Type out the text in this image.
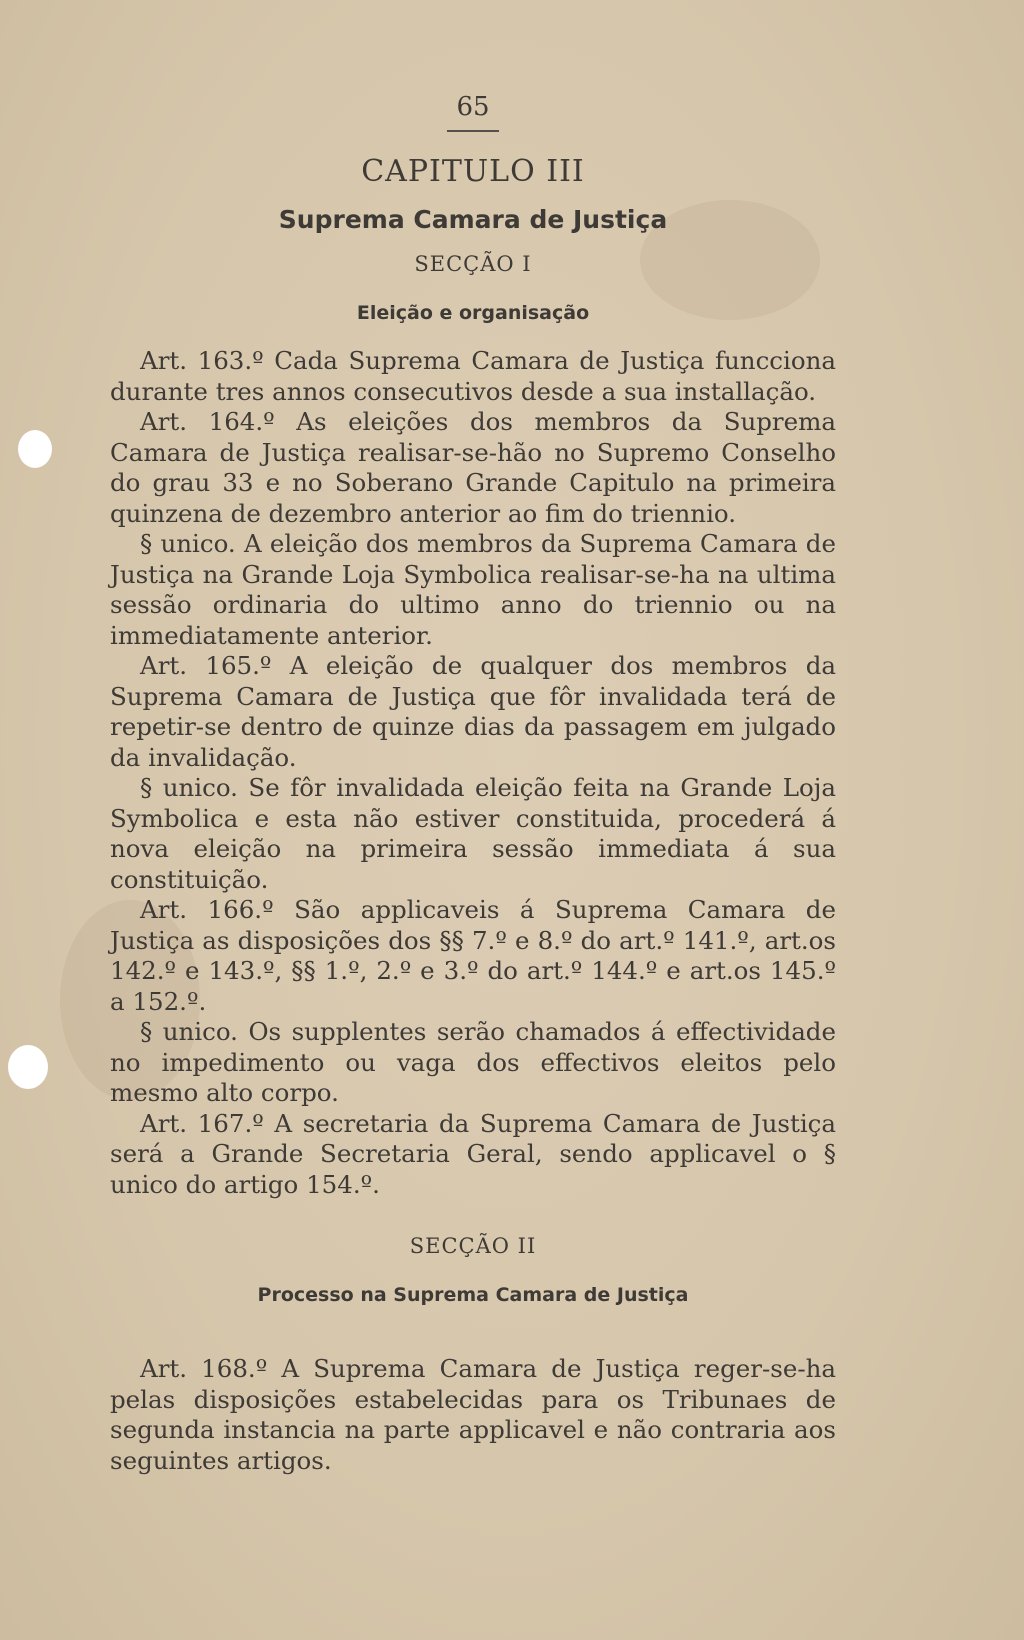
65
CAPITULO III
Suprema Camara de Justiça
SECÇÃO I
Eleição e organisação

Art. 163.º Cada Suprema Camara de Justiça funcciona durante tres annos consecutivos desde a sua installação.

Art. 164.º As eleições dos membros da Suprema Camara de Justiça realisar-se-hão no Supremo Conselho do grau 33 e no Soberano Grande Capitulo na primeira quinzena de dezembro anterior ao fim do triennio.

§ unico. A eleição dos membros da Suprema Camara de Justiça na Grande Loja Symbolica realisar-se-ha na ultima sessão ordinaria do ultimo anno do triennio ou na immediatamente anterior.

Art. 165.º A eleição de qualquer dos membros da Suprema Camara de Justiça que fôr invalidada terá de repetir-se dentro de quinze dias da passagem em julgado da invalidação.

§ unico. Se fôr invalidada eleição feita na Grande Loja Symbolica e esta não estiver constituida, procederá á nova eleição na primeira sessão immediata á sua constituição.

Art. 166.º São applicaveis á Suprema Camara de Justiça as disposições dos §§ 7.º e 8.º do art.º 141.º, art.os 142.º e 143.º, §§ 1.º, 2.º e 3.º do art.º 144.º e art.os 145.º a 152.º.

§ unico. Os supplentes serão chamados á effectividade no impedimento ou vaga dos effectivos eleitos pelo mesmo alto corpo.

Art. 167.º A secretaria da Suprema Camara de Justiça será a Grande Secretaria Geral, sendo applicavel o § unico do artigo 154.º.

SECÇÃO II
Processo na Suprema Camara de Justiça

Art. 168.º A Suprema Camara de Justiça reger-se-ha pelas disposições estabelecidas para os Tribunaes de segunda instancia na parte applicavel e não contraria aos seguintes artigos.
